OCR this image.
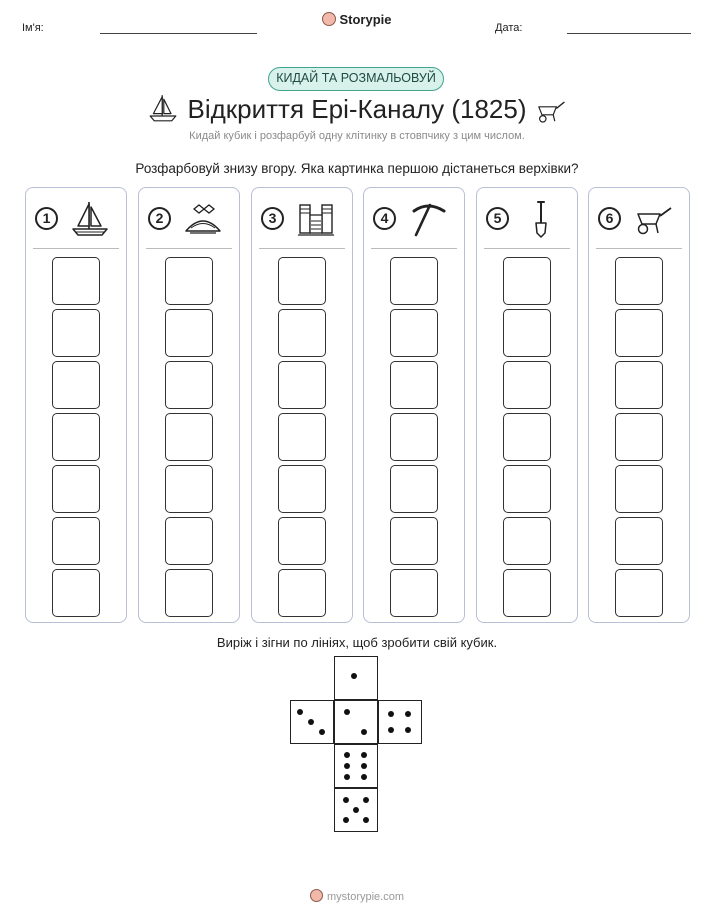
Ім'я:
Storypie
Дата:
КИДАЙ ТА РОЗМАЛЬОВУЙ
Відкриття Ері-Каналу (1825)
Кидай кубик і розфарбуй одну клітинку в стовпчику з цим числом.
Розфарбовуй знизу вгору. Яка картинка першою дістанеться верхівки?
1	2	3	4	5	6
Виріж і зігни по лініях, щоб зробити свій кубик.
mystorypie.com
